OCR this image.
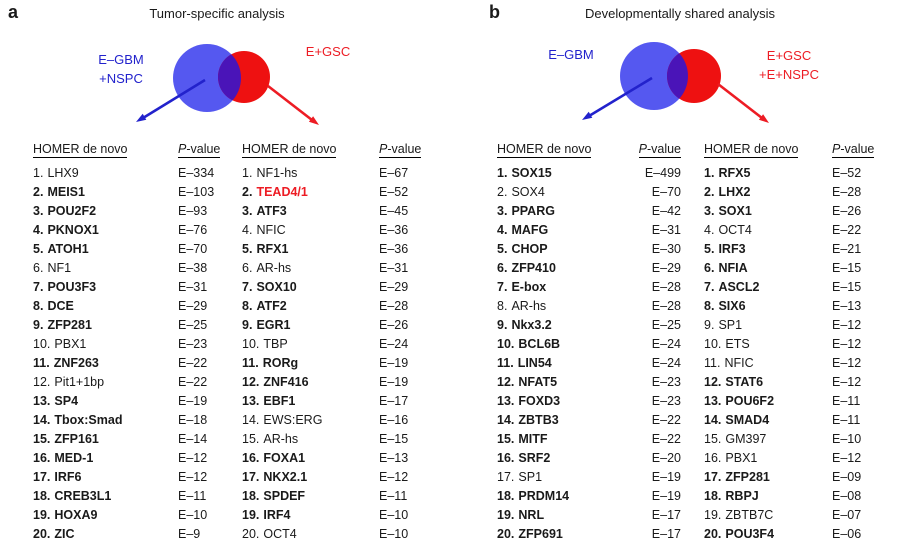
a	Tumor-specific analysis
E–GBM
+NSPC
E+GSC
b	Developmentally shared analysis
E–GBM	E+GSC
+E+NSPC
HOMER de novo	P-value
1. LHX9	E–334
2. MEIS1	E–103
3. POU2F2	E–93
4. PKNOX1	E–76
5. ATOH1	E–70
6. NF1	E–38
7. POU3F3	E–31
8. DCE	E–29
9. ZFP281	E–25
10. PBX1	E–23
11. ZNF263	E–22
12. Pit1+1bp	E–22
13. SP4	E–19
14. Tbox:Smad	E–18
15. ZFP161	E–14
16. MED-1	E–12
17. IRF6	E–12
18. CREB3L1	E–11
19. HOXA9	E–10
20. ZIC	E–9
HOMER de novo	P-value
1. NF1-hs	E–67
2. TEAD4/1	E–52
3. ATF3	E–45
4. NFIC	E–36
5. RFX1	E–36
6. AR-hs	E–31
7. SOX10	E–29
8. ATF2	E–28
9. EGR1	E–26
10. TBP	E–24
11. RORg	E–19
12. ZNF416	E–19
13. EBF1	E–17
14. EWS:ERG	E–16
15. AR-hs	E–15
16. FOXA1	E–13
17. NKX2.1	E–12
18. SPDEF	E–11
19. IRF4	E–10
20. OCT4	E–10
HOMER de novo	P-value
1. SOX15	E–499
2. SOX4	E–70
3. PPARG	E–42
4. MAFG	E–31
5. CHOP	E–30
6. ZFP410	E–29
7. E-box	E–28
8. AR-hs	E–28
9. Nkx3.2	E–25
10. BCL6B	E–24
11. LIN54	E–24
12. NFAT5	E–23
13. FOXD3	E–23
14. ZBTB3	E–22
15. MITF	E–22
16. SRF2	E–20
17. SP1	E–19
18. PRDM14	E–19
19. NRL	E–17
20. ZFP691	E–17
HOMER de novo	P-value
1. RFX5	E–52
2. LHX2	E–28
3. SOX1	E–26
4. OCT4	E–22
5. IRF3	E–21
6. NFIA	E–15
7. ASCL2	E–15
8. SIX6	E–13
9. SP1	E–12
10. ETS	E–12
11. NFIC	E–12
12. STAT6	E–12
13. POU6F2	E–11
14. SMAD4	E–11
15. GM397	E–10
16. PBX1	E–12
17. ZFP281	E–09
18. RBPJ	E–08
19. ZBTB7C	E–07
20. POU3F4	E–06
